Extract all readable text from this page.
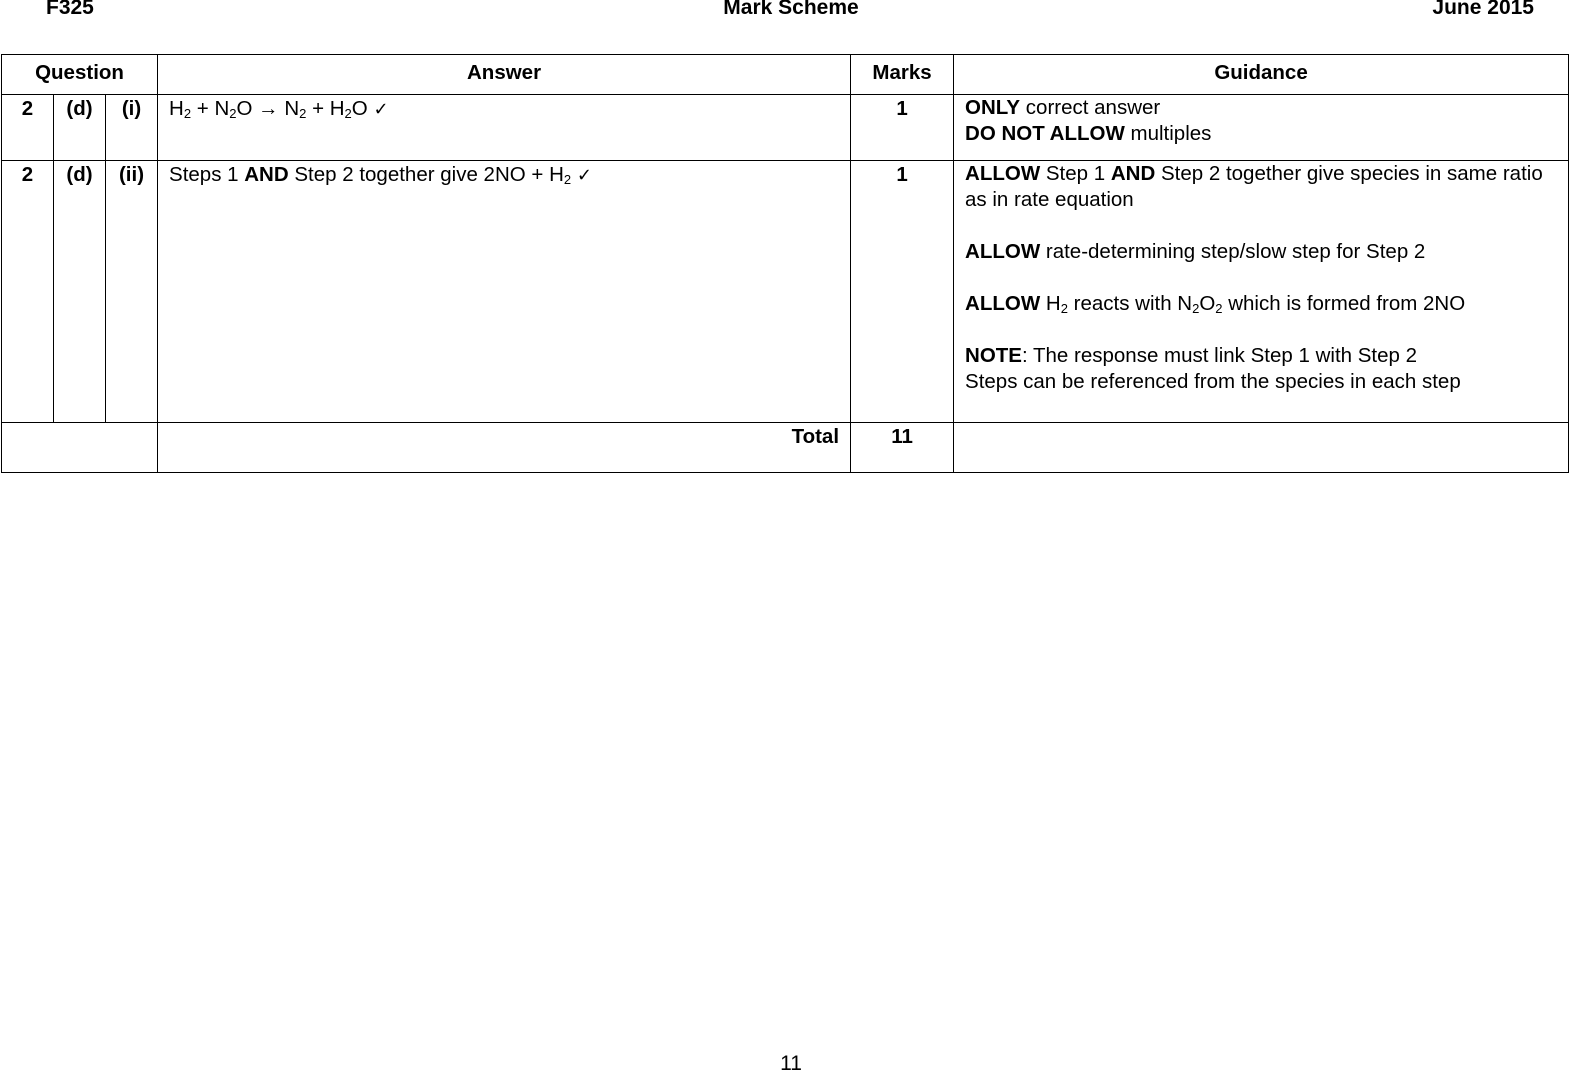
F325	Mark Scheme	June 2015
Question			Answer	Marks	Guidance
2	(d)	(i)	$H_2 + N_2O \to N_2 + H_2O$ ✓	1	ONLY correct answer

DO NOT ALLOW multiples

2	(d)	(ii)	Steps 1 AND Step 2 together give $2NO + H_2$ ✓	1	ALLOW Step 1 AND Step 2 together give species in same ratio as in rate equation

ALLOW rate-determining step/slow step for Step 2

ALLOW $H_2$ reacts with $N_2O_2$ which is formed from 2NO

NOTE: The response must link Step 1 with Step 2

Steps can be referenced from the species in each step

			Total	11	
11
